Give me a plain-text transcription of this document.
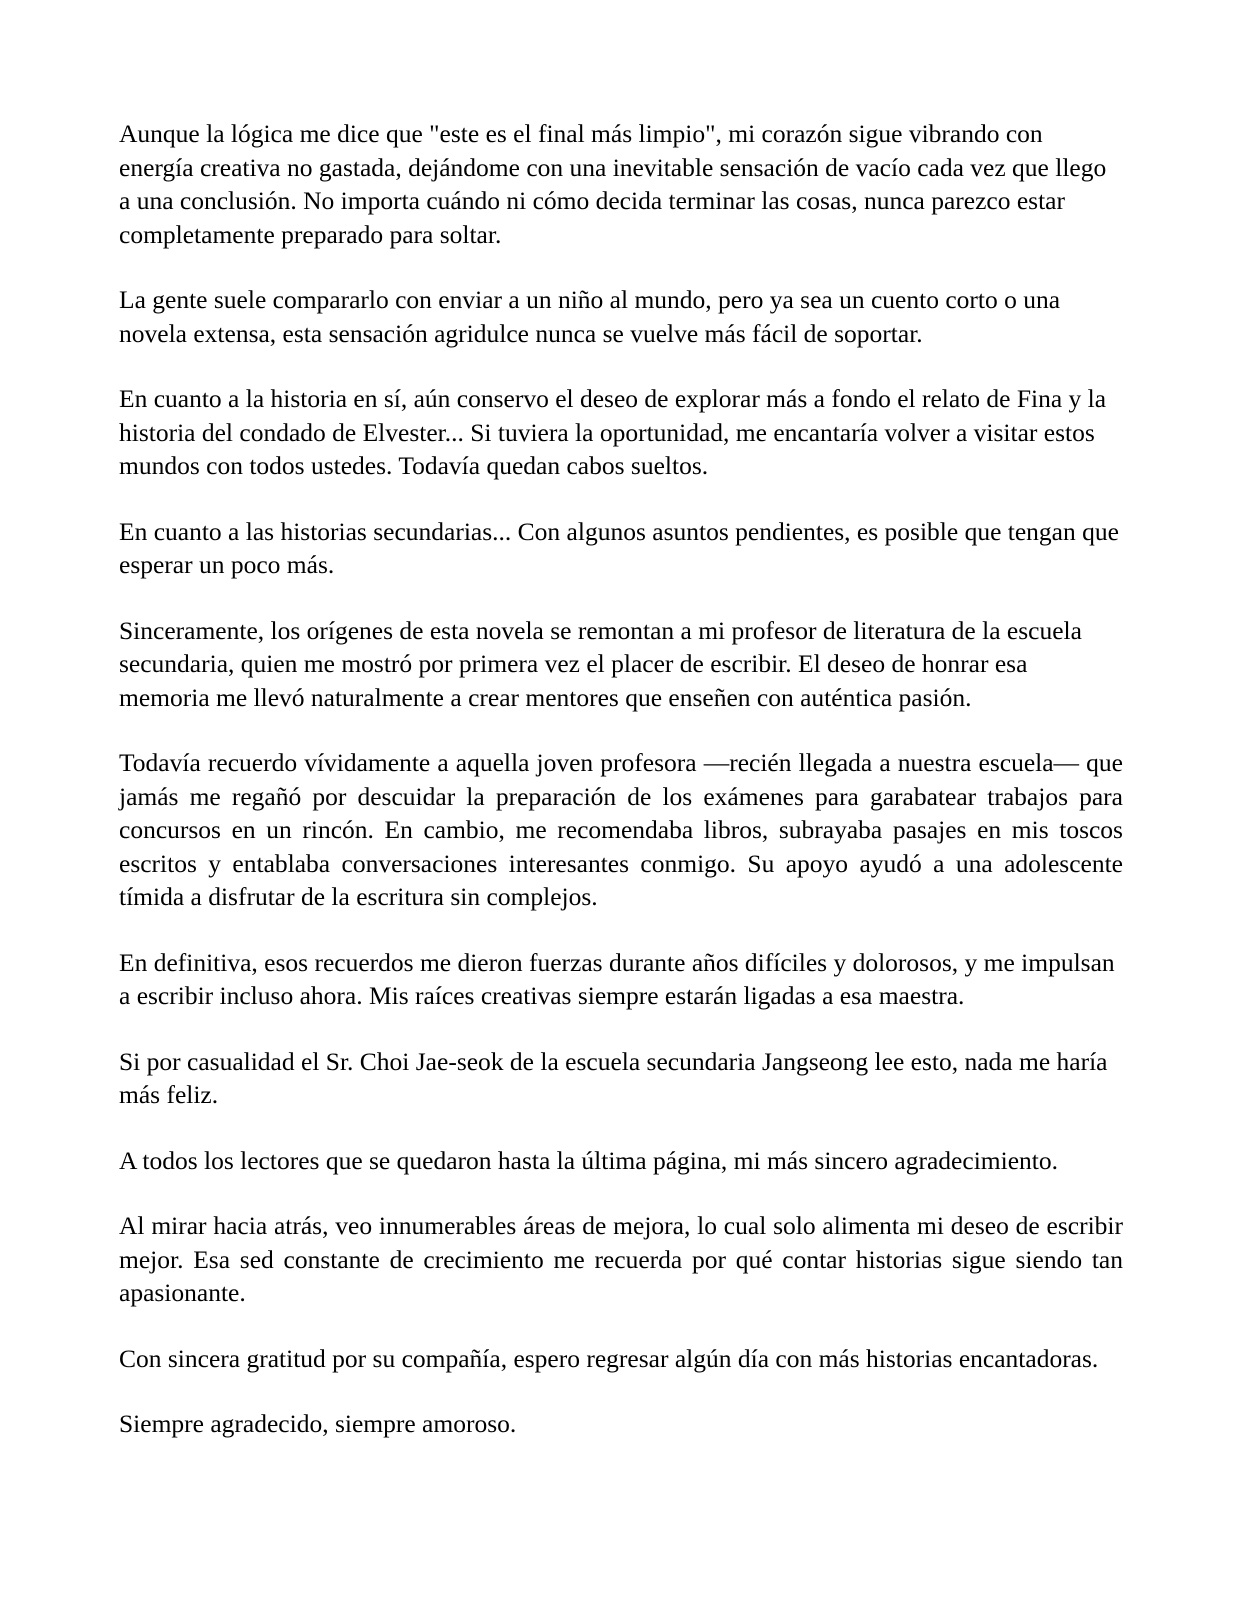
Aunque la lógica me dice que "este es el final más limpio", mi corazón sigue vibrando con energía creativa no gastada, dejándome con una inevitable sensación de vacío cada vez que llego a una conclusión. No importa cuándo ni cómo decida terminar las cosas, nunca parezco estar completamente preparado para soltar.

La gente suele compararlo con enviar a un niño al mundo, pero ya sea un cuento corto o una novela extensa, esta sensación agridulce nunca se vuelve más fácil de soportar.

En cuanto a la historia en sí, aún conservo el deseo de explorar más a fondo el relato de Fina y la historia del condado de Elvester... Si tuviera la oportunidad, me encantaría volver a visitar estos mundos con todos ustedes. Todavía quedan cabos sueltos.

En cuanto a las historias secundarias... Con algunos asuntos pendientes, es posible que tengan que esperar un poco más.

Sinceramente, los orígenes de esta novela se remontan a mi profesor de literatura de la escuela secundaria, quien me mostró por primera vez el placer de escribir. El deseo de honrar esa memoria me llevó naturalmente a crear mentores que enseñen con auténtica pasión.

Todavía recuerdo vívidamente a aquella joven profesora —recién llegada a nuestra escuela— que jamás me regañó por descuidar la preparación de los exámenes para garabatear trabajos para concursos en un rincón. En cambio, me recomendaba libros, subrayaba pasajes en mis toscos escritos y entablaba conversaciones interesantes conmigo. Su apoyo ayudó a una adolescente tímida a disfrutar de la escritura sin complejos.

En definitiva, esos recuerdos me dieron fuerzas durante años difíciles y dolorosos, y me impulsan a escribir incluso ahora. Mis raíces creativas siempre estarán ligadas a esa maestra.

Si por casualidad el Sr. Choi Jae-seok de la escuela secundaria Jangseong lee esto, nada me haría más feliz.

A todos los lectores que se quedaron hasta la última página, mi más sincero agradecimiento.

Al mirar hacia atrás, veo innumerables áreas de mejora, lo cual solo alimenta mi deseo de escribir mejor. Esa sed constante de crecimiento me recuerda por qué contar historias sigue siendo tan apasionante.

Con sincera gratitud por su compañía, espero regresar algún día con más historias encantadoras.

Siempre agradecido, siempre amoroso.
